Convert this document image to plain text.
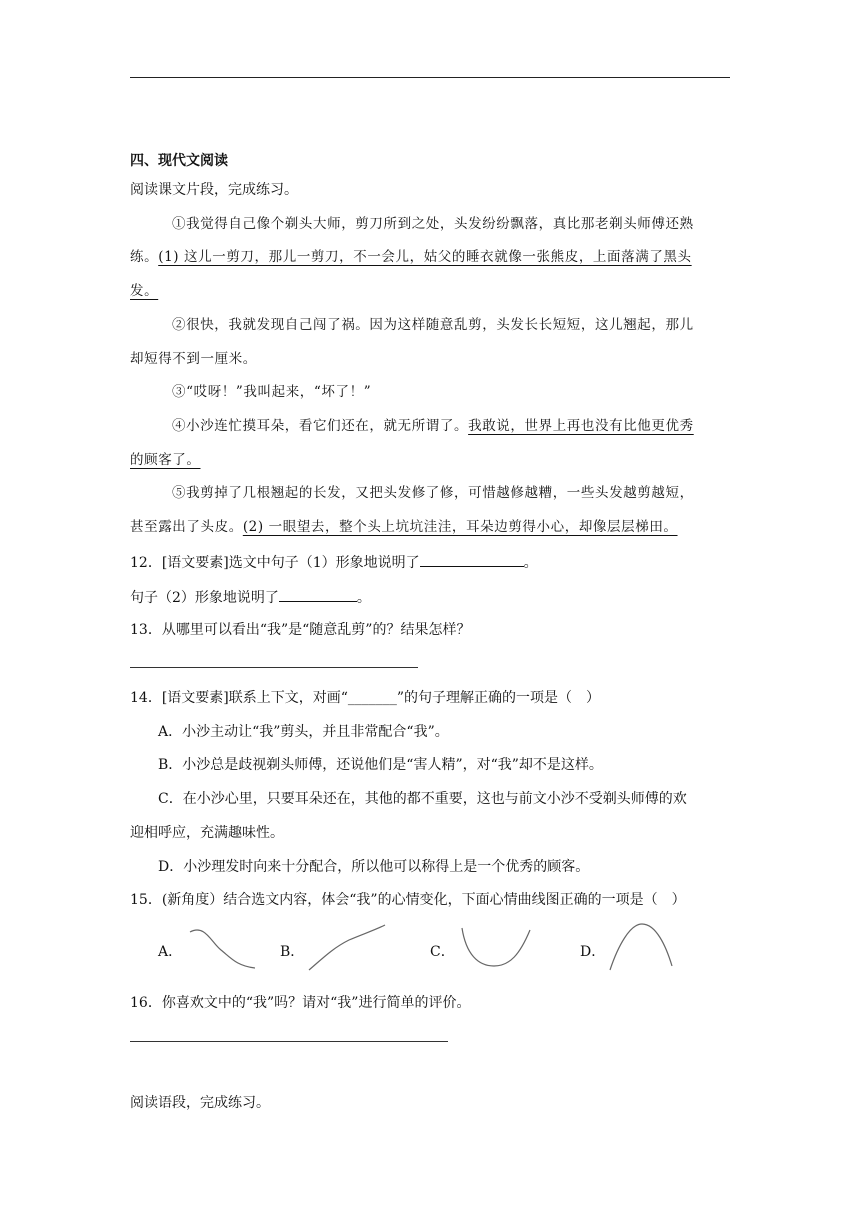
四、现代文阅读
阅读课文片段，完成练习。
①我觉得自己像个剃头大师，剪刀所到之处，头发纷纷飘落，真比那老剃头师傅还熟
练。(1) 这儿一剪刀，那儿一剪刀，不一会儿，姑父的睡衣就像一张熊皮，上面落满了黑头
发。
②很快，我就发现自己闯了祸。因为这样随意乱剪，头发长长短短，这儿翘起，那儿
却短得不到一厘米。
③“哎呀！”我叫起来，“坏了！”
④小沙连忙摸耳朵，看它们还在，就无所谓了。我敢说，世界上再也没有比他更优秀
的顾客了。
⑤我剪掉了几根翘起的长发，又把头发修了修，可惜越修越糟，一些头发越剪越短，
甚至露出了头皮。(2) 一眼望去，整个头上坑坑洼洼，耳朵边剪得小心，却像层层梯田。
12．[语文要素]选文中句子（1）形象地说明了	。
句子（2）形象地说明了	。
13．从哪里可以看出“我”是“随意乱剪”的？结果怎样？
14．[语文要素]联系上下文，对画“_______”的句子理解正确的一项是（　）
A．小沙主动让“我”剪头，并且非常配合“我”。
B．小沙总是歧视剃头师傅，还说他们是“害人精”，对“我”却不是这样。
C．在小沙心里，只要耳朵还在，其他的都不重要，这也与前文小沙不受剃头师傅的欢
迎相呼应，充满趣味性。
D．小沙理发时向来十分配合，所以他可以称得上是一个优秀的顾客。
15．(新角度）结合选文内容，体会“我”的心情变化，下面心情曲线图正确的一项是（　）
A．	B．	C．	D．
16．你喜欢文中的“我”吗？请对“我”进行简单的评价。
阅读语段，完成练习。
